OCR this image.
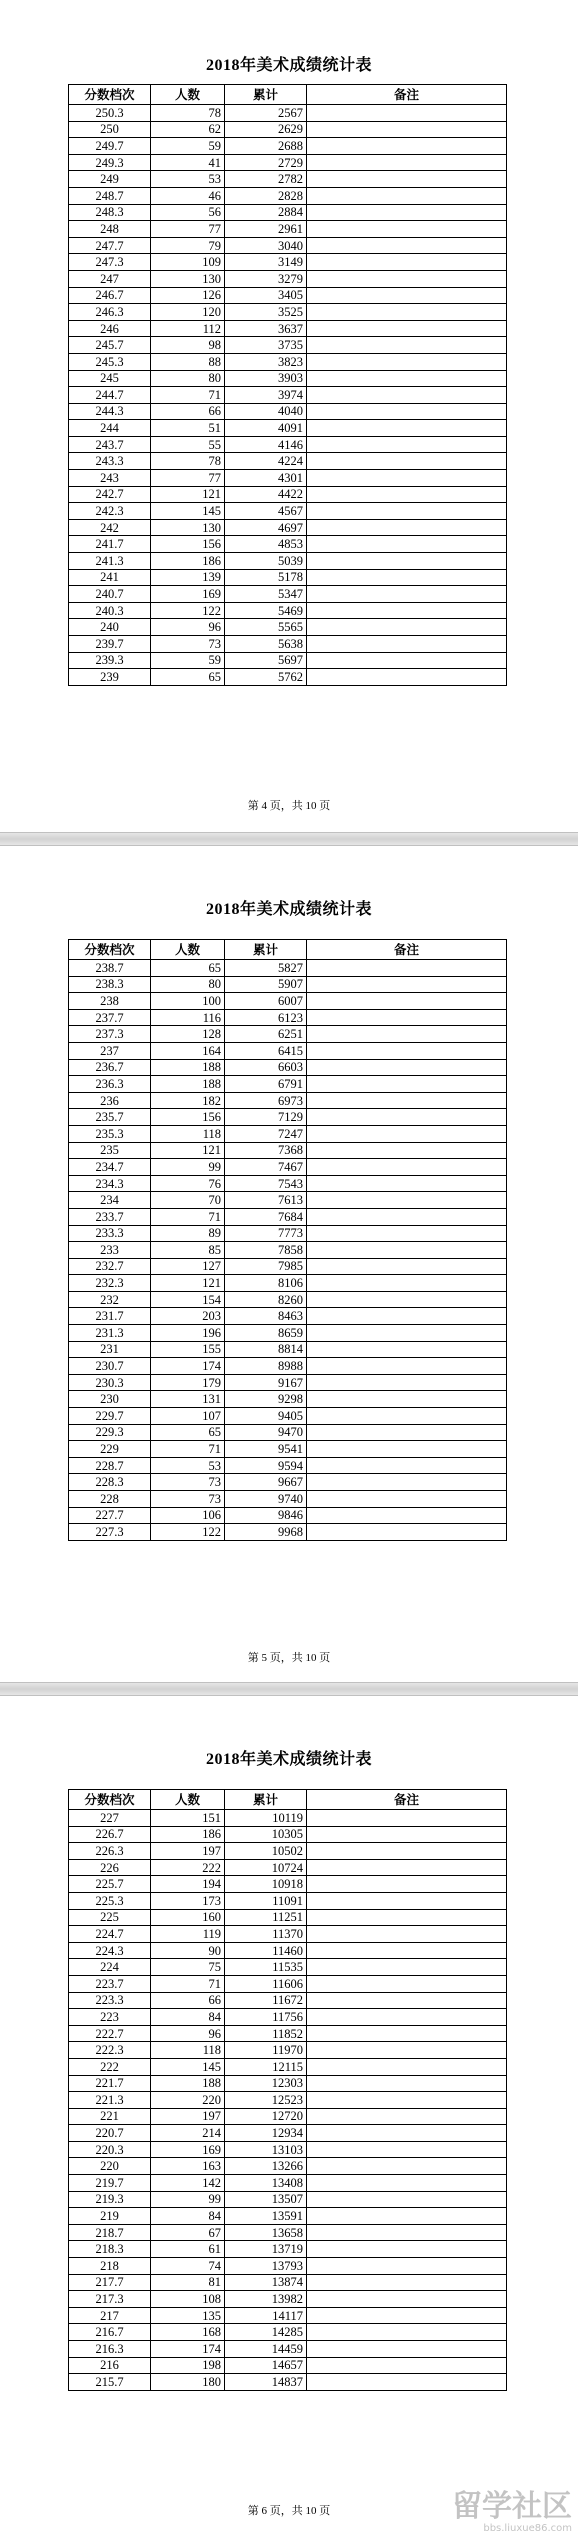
2018年美术成绩统计表
分数档次	人数	累计	备注
250.3	78	2567	
250	62	2629	
249.7	59	2688	
249.3	41	2729	
249	53	2782	
248.7	46	2828	
248.3	56	2884	
248	77	2961	
247.7	79	3040	
247.3	109	3149	
247	130	3279	
246.7	126	3405	
246.3	120	3525	
246	112	3637	
245.7	98	3735	
245.3	88	3823	
245	80	3903	
244.7	71	3974	
244.3	66	4040	
244	51	4091	
243.7	55	4146	
243.3	78	4224	
243	77	4301	
242.7	121	4422	
242.3	145	4567	
242	130	4697	
241.7	156	4853	
241.3	186	5039	
241	139	5178	
240.7	169	5347	
240.3	122	5469	
240	96	5565	
239.7	73	5638	
239.3	59	5697	
239	65	5762	
第 4 页，共 10 页
2018年美术成绩统计表
分数档次	人数	累计	备注
238.7	65	5827	
238.3	80	5907	
238	100	6007	
237.7	116	6123	
237.3	128	6251	
237	164	6415	
236.7	188	6603	
236.3	188	6791	
236	182	6973	
235.7	156	7129	
235.3	118	7247	
235	121	7368	
234.7	99	7467	
234.3	76	7543	
234	70	7613	
233.7	71	7684	
233.3	89	7773	
233	85	7858	
232.7	127	7985	
232.3	121	8106	
232	154	8260	
231.7	203	8463	
231.3	196	8659	
231	155	8814	
230.7	174	8988	
230.3	179	9167	
230	131	9298	
229.7	107	9405	
229.3	65	9470	
229	71	9541	
228.7	53	9594	
228.3	73	9667	
228	73	9740	
227.7	106	9846	
227.3	122	9968	
第 5 页，共 10 页
2018年美术成绩统计表
分数档次	人数	累计	备注
227	151	10119	
226.7	186	10305	
226.3	197	10502	
226	222	10724	
225.7	194	10918	
225.3	173	11091	
225	160	11251	
224.7	119	11370	
224.3	90	11460	
224	75	11535	
223.7	71	11606	
223.3	66	11672	
223	84	11756	
222.7	96	11852	
222.3	118	11970	
222	145	12115	
221.7	188	12303	
221.3	220	12523	
221	197	12720	
220.7	214	12934	
220.3	169	13103	
220	163	13266	
219.7	142	13408	
219.3	99	13507	
219	84	13591	
218.7	67	13658	
218.3	61	13719	
218	74	13793	
217.7	81	13874	
217.3	108	13982	
217	135	14117	
216.7	168	14285	
216.3	174	14459	
216	198	14657	
215.7	180	14837	
第 6 页，共 10 页	留学社区
bbs.liuxue86.com
